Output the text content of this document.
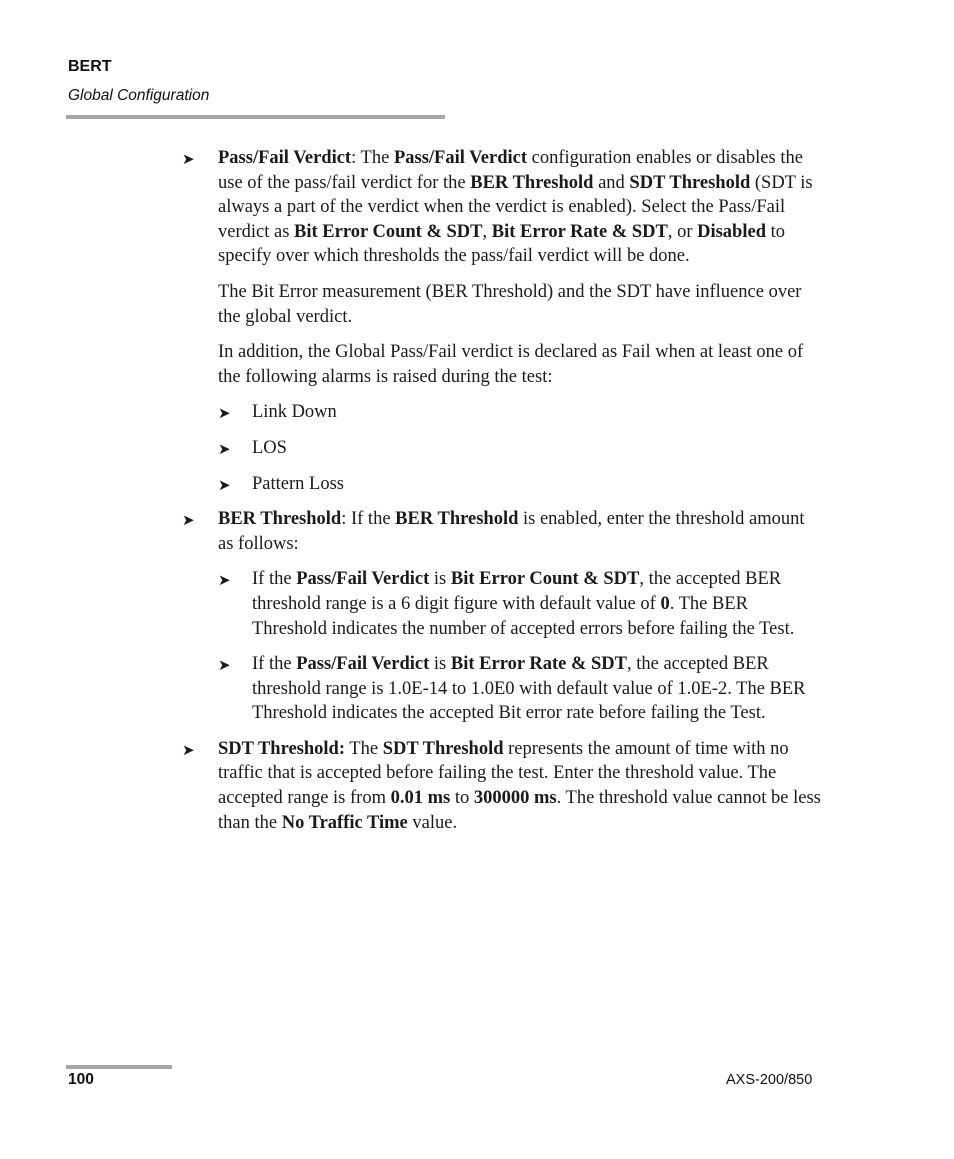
BERT
Global Configuration
➤ Pass/Fail Verdict: The Pass/Fail Verdict configuration enables or disables the use of the pass/fail verdict for the BER Threshold and SDT Threshold (SDT is always a part of the verdict when the verdict is enabled). Select the Pass/Fail verdict as Bit Error Count & SDT, Bit Error Rate & SDT, or Disabled to specify over which thresholds the pass/fail verdict will be done.

The Bit Error measurement (BER Threshold) and the SDT have influence over the global verdict.

In addition, the Global Pass/Fail verdict is declared as Fail when at least one of the following alarms is raised during the test:

➤ Link Down
➤ LOS
➤ Pattern Loss
➤ BER Threshold: If the BER Threshold is enabled, enter the threshold amount as follows:

➤ If the Pass/Fail Verdict is Bit Error Count & SDT, the accepted BER threshold range is a 6 digit figure with default value of 0. The BER Threshold indicates the number of accepted errors before failing the Test.
➤ If the Pass/Fail Verdict is Bit Error Rate & SDT, the accepted BER threshold range is 1.0E-14 to 1.0E0 with default value of 1.0E-2. The BER Threshold indicates the accepted Bit error rate before failing the Test.
➤ SDT Threshold: The SDT Threshold represents the amount of time with no traffic that is accepted before failing the test. Enter the threshold value. The accepted range is from 0.01 ms to 300000 ms. The threshold value cannot be less than the No Traffic Time value.

100	AXS-200/850
